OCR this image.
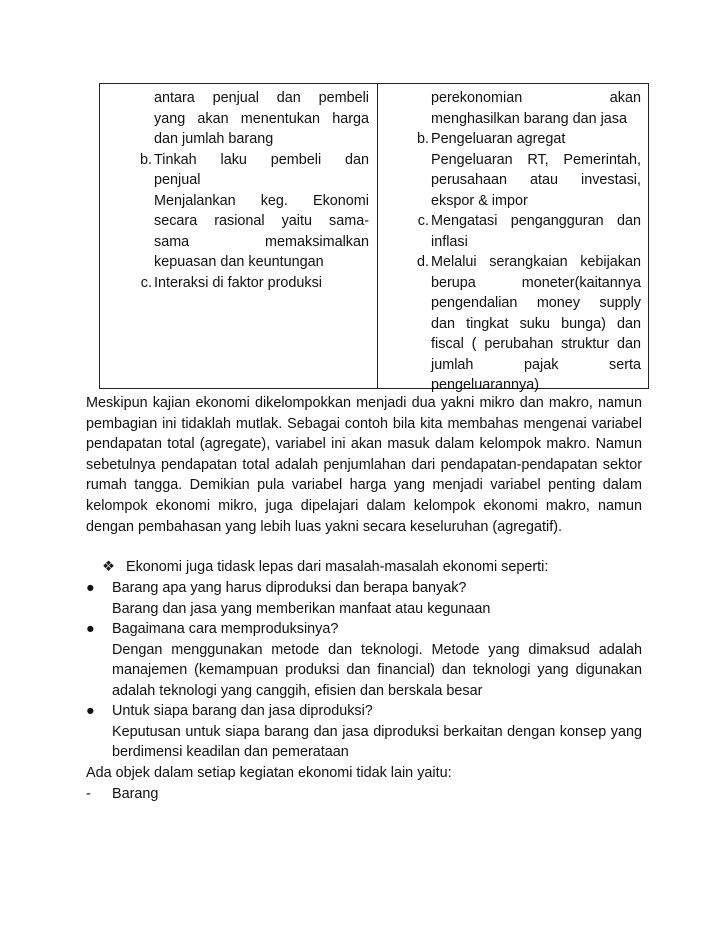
antara penjual dan pembeli
yang akan menentukan harga
dan jumlah barang
b. Tinkah laku pembeli dan
penjual
Menjalankan keg. Ekonomi
secara rasional yaitu sama-
sama memaksimalkan
kepuasan dan keuntungan
c. Interaksi di faktor produksi
perekonomian akan
menghasilkan barang dan jasa
b. Pengeluaran agregat
Pengeluaran RT, Pemerintah,
perusahaan atau investasi,
ekspor & impor
c. Mengatasi pengangguran dan
inflasi
d. Melalui serangkaian kebijakan
berupa moneter(kaitannya
pengendalian money supply
dan tingkat suku bunga) dan
fiscal ( perubahan struktur dan
jumlah pajak serta
pengeluarannya)
Meskipun kajian ekonomi dikelompokkan menjadi dua yakni mikro dan makro, namun pembagian ini tidaklah mutlak. Sebagai contoh bila kita membahas mengenai variabel pendapatan total (agregate), variabel ini akan masuk dalam kelompok makro. Namun sebetulnya pendapatan total adalah penjumlahan dari pendapatan-pendapatan sektor rumah tangga. Demikian pula variabel harga yang menjadi variabel penting dalam kelompok ekonomi mikro, juga dipelajari dalam kelompok ekonomi makro, namun dengan pembahasan yang lebih luas yakni secara keseluruhan (agregatif).
❖ Ekonomi juga tidask lepas dari masalah-masalah ekonomi seperti:
●	Barang apa yang harus diproduksi dan berapa banyak?
Barang dan jasa yang memberikan manfaat atau kegunaan
●	Bagaimana cara memproduksinya?
Dengan menggunakan metode dan teknologi. Metode yang dimaksud adalah manajemen (kemampuan produksi dan financial) dan teknologi yang digunakan adalah teknologi yang canggih, efisien dan berskala besar
●	Untuk siapa barang dan jasa diproduksi?
Keputusan untuk siapa barang dan jasa diproduksi berkaitan dengan konsep yang berdimensi keadilan dan pemerataan
Ada objek dalam setiap kegiatan ekonomi tidak lain yaitu:
-	Barang
